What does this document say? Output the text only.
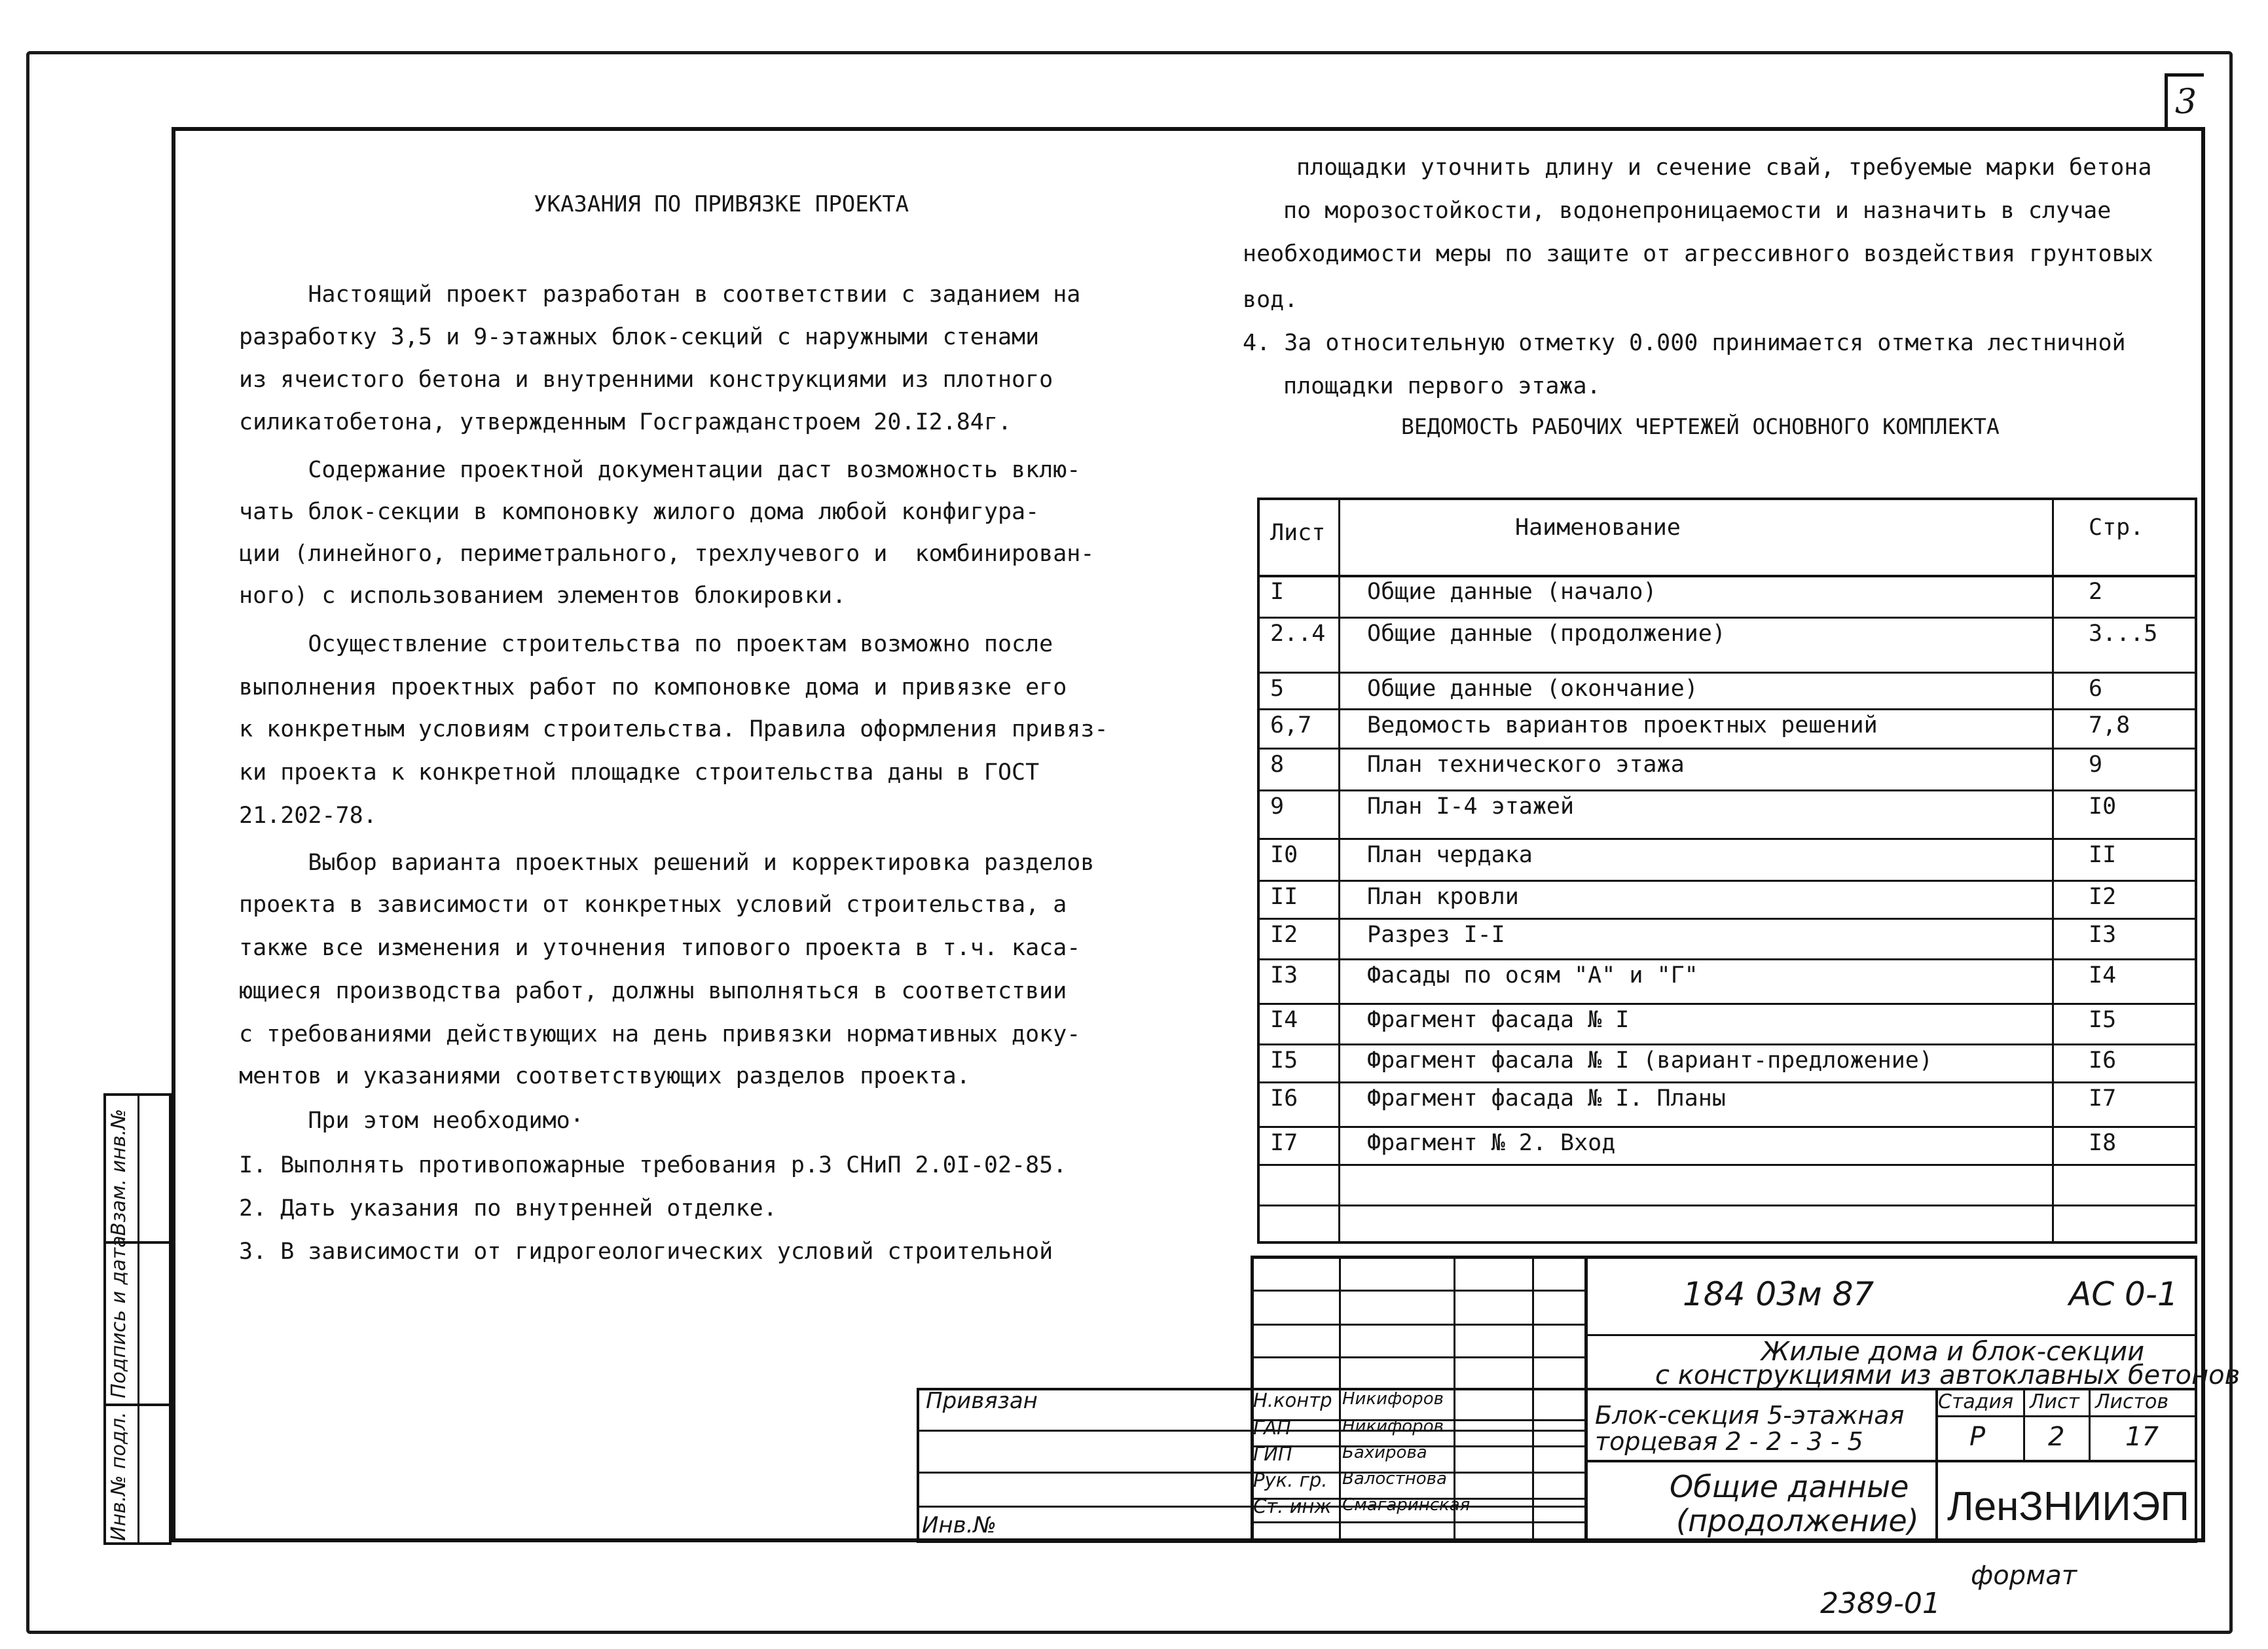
3
УКАЗАНИЯ ПО ПРИВЯЗКЕ ПРОЕКТА
Настоящий проект разработан в соответствии с заданием на
разработку 3,5 и 9-этажных блок-секций с наружными стенами
из ячеистого бетона и внутренними конструкциями из плотного
силикатобетона, утвержденным Госгражданстроем 20.I2.84г.
Содержание проектной документации даст возможность вклю-
чать блок-секции в компоновку жилого дома любой конфигура-
ции (линейного, периметрального, трехлучевого и  комбинирован-
ного) с использованием элементов блокировки.
Осуществление строительства по проектам возможно после
выполнения проектных работ по компоновке дома и привязке его
к конкретным условиям строительства. Правила оформления привяз-
ки проекта к конкретной площадке строительства даны в ГОСТ
21.202-78.
Выбор варианта проектных решений и корректировка разделов
проекта в зависимости от конкретных условий строительства, а
также все изменения и уточнения типового проекта в т.ч. каса-
ющиеся производства работ, должны выполняться в соответствии
с требованиями действующих на день привязки нормативных доку-
ментов и указаниями соответствующих разделов проекта.
При этом необходимо·
I. Выполнять противопожарные требования р.3 СНиП 2.0I-02-85.
2. Дать указания по внутренней отделке.
3. В зависимости от гидрогеологических условий строительной
площадки уточнить длину и сечение свай, требуемые марки бетона
по морозостойкости, водонепроницаемости и назначить в случае
необходимости меры по защите от агрессивного воздействия грунтовых
вод.
4. За относительную отметку 0.000 принимается отметка лестничной
площадки первого этажа.
ВЕДОМОСТЬ РАБОЧИХ ЧЕРТЕЖЕЙ ОСНОВНОГО КОМПЛЕКТА
Лист	Наименование	Стр.
I	Общие данные (начало)	2
2..4 Общие данные (продолжение)	3...5
5	Общие данные (окончание)	6
6,7 Ведомость вариантов проектных решений	7,8
8	План технического этажа	9
9	План I-4 этажей	I0
I0	План чердака	II
II	План кровли	I2
I2	Разрез I-I	I3
I3	Фасады по осям "А" и "Г"	I4
I4	Фрагмент фасада № I	I5
I5	Фрагмент фасала № I (вариант-предложение)	I6
I6	Фрагмент фасада № I. Планы	I7
I7	Фрагмент № 2. Вход	I8
Инв.№ подл.
Подпись и дата
Взам. инв.№
Привязан
Инв.№
Н.контр Никифоров
ГАП	Никифоров
ГИП	Бахирова
Рук. гр. Валостнова
Ст. инж Смагаринская
184 03м 87	АС 0-1
Жилые дома и блок-секции
с конструкциями из автоклавных бетонов
Блок-секция 5-этажная
торцевая 2 - 2 - 3 - 5
Стадия Лист Листов
Р 2 17
Общие данные
(продолжение) ЛенЗНИИЭП
формат
2389-01
